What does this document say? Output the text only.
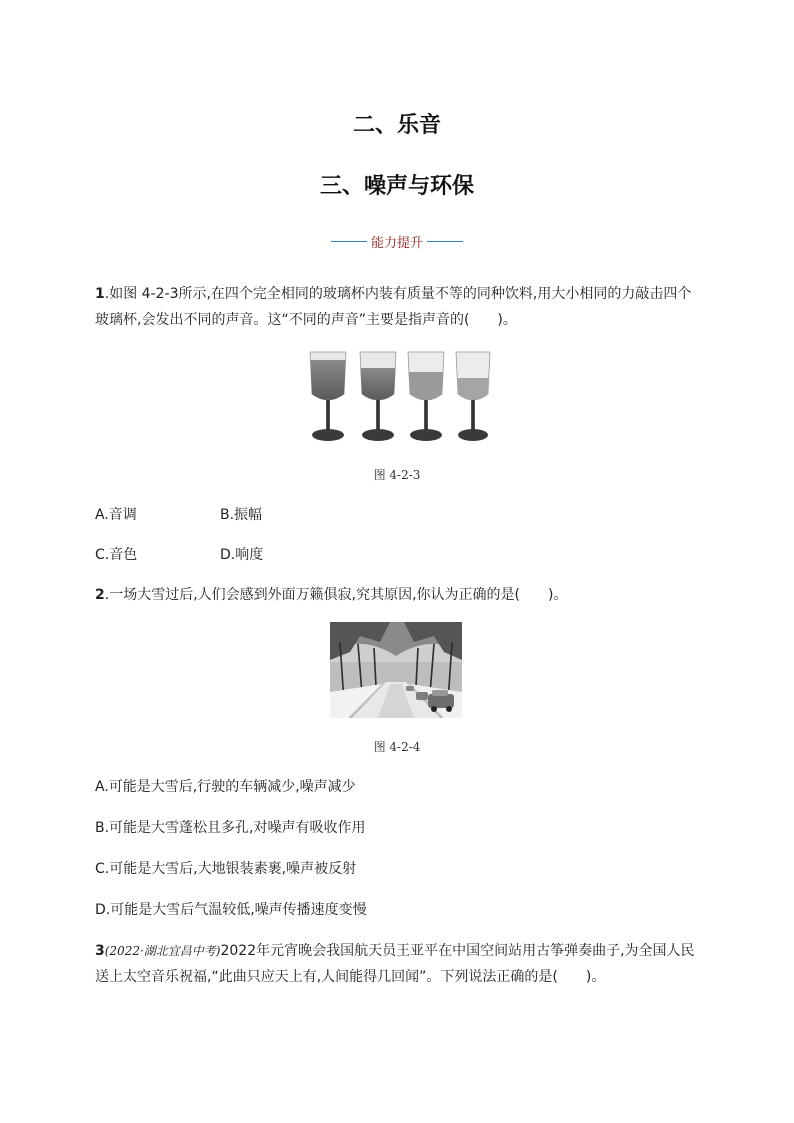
二、乐音
三、噪声与环保
能力提升
1.如图 4-2-3所示,在四个完全相同的玻璃杯内装有质量不等的同种饮料,用大小相同的力敲击四个玻璃杯,会发出不同的声音。这“不同的声音”主要是指声音的(　　)。
图 4-2-3
A.音调	B.振幅
C.音色	D.响度
2.一场大雪过后,人们会感到外面万籁俱寂,究其原因,你认为正确的是(　　)。
图 4-2-4
A.可能是大雪后,行驶的车辆减少,噪声减少
B.可能是大雪蓬松且多孔,对噪声有吸收作用
C.可能是大雪后,大地银装素裹,噪声被反射
D.可能是大雪后气温较低,噪声传播速度变慢
3(2022·湖北宜昌中考)2022年元宵晚会我国航天员王亚平在中国空间站用古筝弹奏曲子,为全国人民送上太空音乐祝福,“此曲只应天上有,人间能得几回闻”。下列说法正确的是(　　)。
